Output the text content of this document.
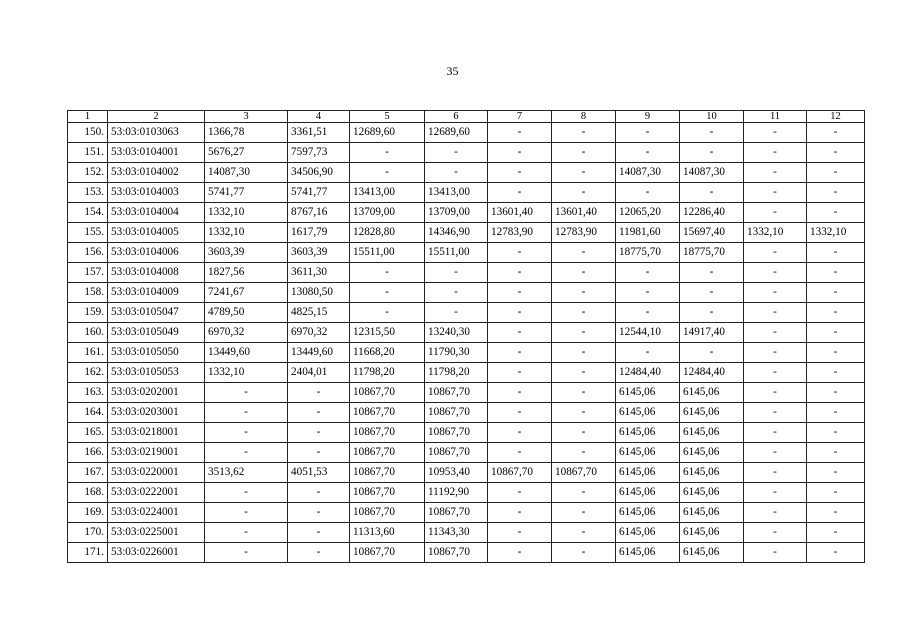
35
1	2	3	4	5	6	7	8	9	10	11	12
150.	53:03:0103063	1366,78	3361,51	12689,60	12689,60	-	-	-	-	-	-
151.	53:03:0104001	5676,27	7597,73	-	-	-	-	-	-	-	-
152.	53:03:0104002	14087,30	34506,90	-	-	-	-	14087,30	14087,30	-	-
153.	53:03:0104003	5741,77	5741,77	13413,00	13413,00	-	-	-	-	-	-
154.	53:03:0104004	1332,10	8767,16	13709,00	13709,00	13601,40	13601,40	12065,20	12286,40	-	-
155.	53:03:0104005	1332,10	1617,79	12828,80	14346,90	12783,90	12783,90	11981,60	15697,40	1332,10	1332,10
156.	53:03:0104006	3603,39	3603,39	15511,00	15511,00	-	-	18775,70	18775,70	-	-
157.	53:03:0104008	1827,56	3611,30	-	-	-	-	-	-	-	-
158.	53:03:0104009	7241,67	13080,50	-	-	-	-	-	-	-	-
159.	53:03:0105047	4789,50	4825,15	-	-	-	-	-	-	-	-
160.	53:03:0105049	6970,32	6970,32	12315,50	13240,30	-	-	12544,10	14917,40	-	-
161.	53:03:0105050	13449,60	13449,60	11668,20	11790,30	-	-	-	-	-	-
162.	53:03:0105053	1332,10	2404,01	11798,20	11798,20	-	-	12484,40	12484,40	-	-
163.	53:03:0202001	-	-	10867,70	10867,70	-	-	6145,06	6145,06	-	-
164.	53:03:0203001	-	-	10867,70	10867,70	-	-	6145,06	6145,06	-	-
165.	53:03:0218001	-	-	10867,70	10867,70	-	-	6145,06	6145,06	-	-
166.	53:03:0219001	-	-	10867,70	10867,70	-	-	6145,06	6145,06	-	-
167.	53:03:0220001	3513,62	4051,53	10867,70	10953,40	10867,70	10867,70	6145,06	6145,06	-	-
168.	53:03:0222001	-	-	10867,70	11192,90	-	-	6145,06	6145,06	-	-
169.	53:03:0224001	-	-	10867,70	10867,70	-	-	6145,06	6145,06	-	-
170.	53:03:0225001	-	-	11313,60	11343,30	-	-	6145,06	6145,06	-	-
171.	53:03:0226001	-	-	10867,70	10867,70	-	-	6145,06	6145,06	-	-
